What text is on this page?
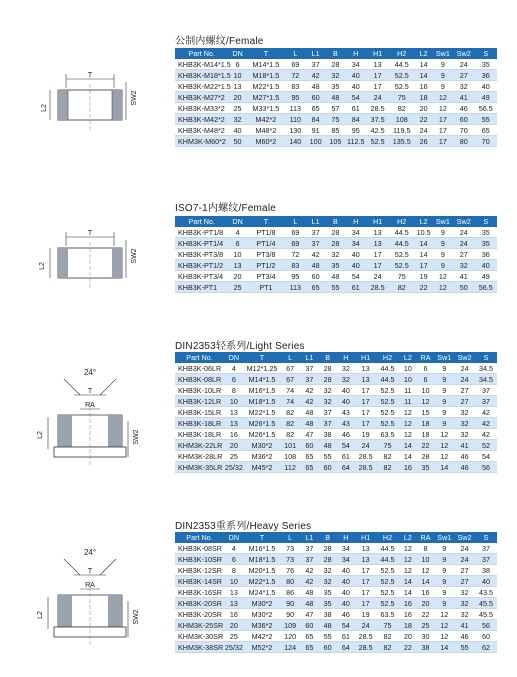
公制内螺纹/Female
T
L2
SW2
Part No.	DN	T	L	L1	B	H	H1	H2	L2	Sw1	Sw2	S
KHB3K-M14*1.5	6	M14*1.5	69	37	28	34	13	44.5	14	9	24	35
KHB3K-M18*1.5	10	M18*1.5	72	42	32	40	17	52.5	14	9	27	36
KHB3K-M22*1.5	13	M22*1.5	83	48	35	40	17	52.5	16	9	32	40
KHB3K-M27*2	20	M27*1.5	95	60	48	54	24	75	18	12	41	49
KHB3K-M33*2	25	M33*1.5	113	65	57	61	28.5	82	20	12	46	56.5
KHB3K-M42*2	32	M42*2	110	84	75	84	37.5	108	22	17	60	55
KHB3K-M48*2	40	M48*2	130	91	85	95	42.5	119.5	24	17	70	65
KHM3K-M60*2	50	M60*2	140	100	105	112.5	52.5	135.5	26	17	80	70
ISO7-1内螺纹/Female
T
L2
SW2
Part No.	DN	T	L	L1	B	H	H1	H2	L2	Sw1	Sw2	S
KHB3K-PT1/8	4	PT1/8	69	37	28	34	13	44.5	10.5	9	24	35
KHB3K-PT1/4	6	PT1/4	69	37	28	34	13	44.5	14	9	24	35
KHB3K-PT3/8	10	PT3/8	72	42	32	40	17	52.5	14	9	27	36
KHB3K-PT1/2	13	PT1/2	83	48	35	40	17	52.5	17	9	32	40
KHB3K-PT3/4	20	PT3/4	95	60	48	54	24	75	19	12	41	49
KHB3K-PT1	25	PT1	113	65	55	61	28.5	82	22	12	50	56.5
DIN2353轻系列/Light Series
24°
T
RA
L2	SW2
Part No.	DN	T	L	L1	B	H	H1	H2	L2	RA	Sw1	Sw2	S
KHB3K-06LR	4	M12*1.25	67	37	28	32	13	44.5	10	6	9	24	34.5
KHB3K-08LR	6	M14*1.5	67	37	28	32	13	44.5	10	6	9	24	34.5
KHB3K-10LR	8	M16*1.5	74	42	32	40	17	52.5	11	10	9	27	37
KHB3K-12LR	10	M18*1.5	74	42	32	40	17	52.5	11	12	9	27	37
KHB3K-15LR	13	M22*1.5	82	48	37	43	17	52.5	12	15	9	32	42
KHB3K-18LR	13	M26*1.5	82	48	37	43	17	52.5	12	18	9	32	42
KHB3K-18LR	16	M26*1.5	82	47	38	46	19	63.5	12	18	12	32	42
KHM3K-22LR	20	M30*2	101	60	48	54	24	75	14	22	12	41	52
KHM3K-28LR	25	M36*2	108	65	55	61	28.5	82	14	28	12	46	54
KHM3K-35LR	25/32	M45*2	112	65	60	64	28.5	82	16	35	14	46	56
DIN2353重系列/Heavy Series
24°
T
RA
L2	SW2
Part No.	DN	T	L	L1	B	H	H1	H2	L2	RA	Sw1	Sw2	S
KHB3K-08SR	4	M16*1.5	73	37	28	34	13	44.5	12	8	9	24	37
KHB3K-10SR	6	M18*1.5	73	37	28	34	13	44.5	12	10	9	24	37
KHB3K-12SR	8	M20*1.5	76	42	32	40	17	52.5	12	12	9	27	38
KHB3K-14SR	10	M22*1.5	80	42	32	40	17	52.5	14	14	9	27	40
KHB3K-16SR	13	M24*1.5	86	48	35	40	17	52.5	14	16	9	32	43.5
KHB3K-20SR	13	M30*2	90	48	35	40	17	52.5	16	20	9	32	45.5
KHB3K-20SR	16	M30*2	90	47	38	46	19	63.5	16	22	12	32	45.5
KHM3K-25SR	20	M36*2	109	60	48	54	24	75	18	25	12	41	56
KHM3K-30SR	25	M42*2	120	65	55	61	28.5	82	20	30	12	46	60
KHM3K-38SR	25/32	M52*2	124	65	60	64	28.5	82	22	38	14	55	62
